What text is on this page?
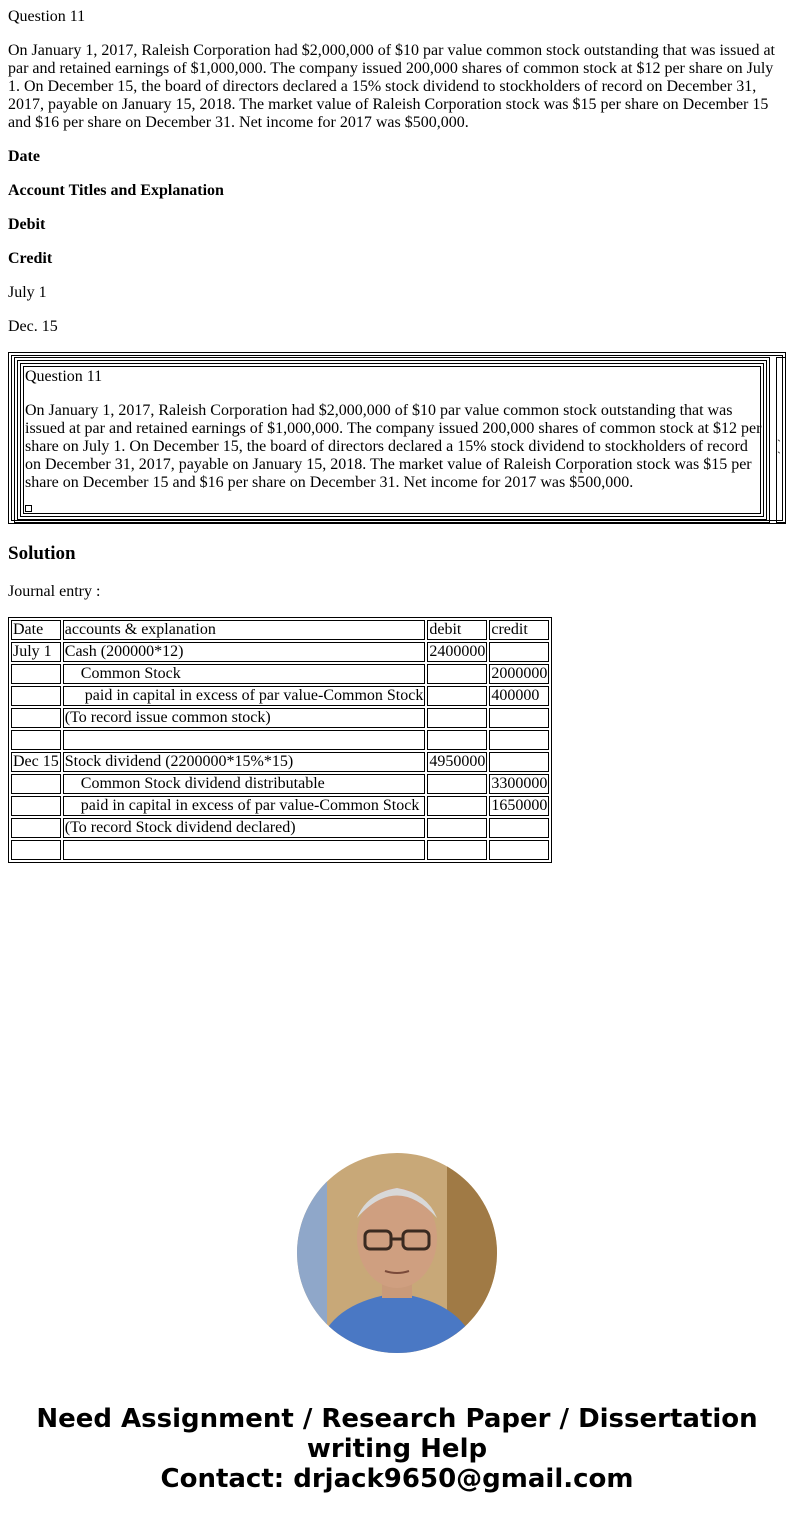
Question 11

On January 1, 2017, Raleish Corporation had $2,000,000 of $10 par value common stock outstanding that was issued at par and retained earnings of $1,000,000. The company issued 200,000 shares of common stock at $12 per share on July 1. On December 15, the board of directors declared a 15% stock dividend to stockholders of record on December 31, 2017, payable on January 15, 2018. The market value of Raleish Corporation stock was $15 per share on December 15 and $16 per share on December 31. Net income for 2017 was $500,000.

Date

Account Titles and Explanation

Debit

Credit

July 1

Dec. 15

Question 11
On January 1, 2017, Raleish Corporation had $2,000,000 of $10 par value common stock outstanding that was issued at par and retained earnings of $1,000,000. The company issued 200,000 shares of common stock at $12 per share on July 1. On December 15, the board of directors declared a 15% stock dividend to stockholders of record on December 31, 2017, payable on January 15, 2018. The market value of Raleish Corporation stock was $15 per share on December 15 and $16 per share on December 31. Net income for 2017 was $500,000.
` `
Solution

Journal entry :

Date	accounts & explanation	debit	credit
July 1	Cash (200000*12)	2400000	
	Common Stock		2000000
	paid in capital in excess of par value-Common Stock		400000
	(To record issue common stock)		

Dec 15	Stock dividend (2200000*15%*15)	4950000	
	Common Stock dividend distributable		3300000
	paid in capital in excess of par value-Common Stock		1650000
	(To record Stock dividend declared)		

Need Assignment / Research Paper / Dissertation
writing Help
Contact: drjack9650@gmail.com
